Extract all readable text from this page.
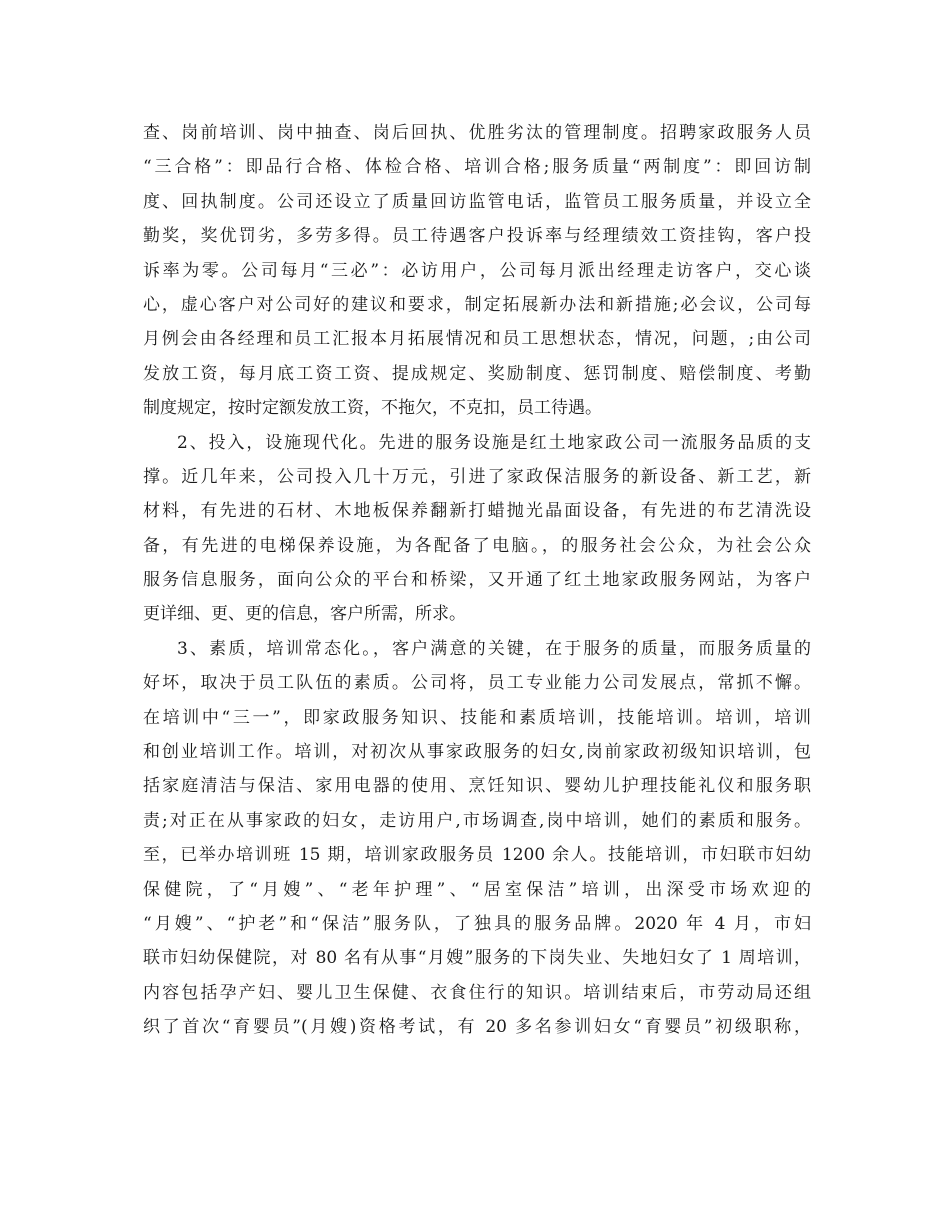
查、岗前培训、岗中抽查、岗后回执、优胜劣汰的管理制度。招聘家政服务人员
“三合格”：即品行合格、体检合格、培训合格;服务质量“两制度”：即回访制
度、回执制度。公司还设立了质量回访监管电话，监管员工服务质量，并设立全
勤奖，奖优罚劣，多劳多得。员工待遇客户投诉率与经理绩效工资挂钩，客户投
诉率为零。公司每月“三必”：必访用户，公司每月派出经理走访客户，交心谈
心，虚心客户对公司好的建议和要求，制定拓展新办法和新措施;必会议，公司每
月例会由各经理和员工汇报本月拓展情况和员工思想状态，情况，问题，;由公司
发放工资，每月底工资工资、提成规定、奖励制度、惩罚制度、赔偿制度、考勤
制度规定，按时定额发放工资，不拖欠，不克扣，员工待遇。
2、投入，设施现代化。先进的服务设施是红土地家政公司一流服务品质的支
撑。近几年来，公司投入几十万元，引进了家政保洁服务的新设备、新工艺，新
材料，有先进的石材、木地板保养翻新打蜡抛光晶面设备，有先进的布艺清洗设
备，有先进的电梯保养设施，为各配备了电脑。，的服务社会公众，为社会公众
服务信息服务，面向公众的平台和桥梁，又开通了红土地家政服务网站，为客户
更详细、更、更的信息，客户所需，所求。
3、素质，培训常态化。，客户满意的关键，在于服务的质量，而服务质量的
好坏，取决于员工队伍的素质。公司将，员工专业能力公司发展点，常抓不懈。
在培训中“三一”，即家政服务知识、技能和素质培训，技能培训。培训，培训
和创业培训工作。培训，对初次从事家政服务的妇女,岗前家政初级知识培训，包
括家庭清洁与保洁、家用电器的使用、烹饪知识、婴幼儿护理技能礼仪和服务职
责;对正在从事家政的妇女，走访用户,市场调查,岗中培训，她们的素质和服务。
至，已举办培训班 15 期，培训家政服务员 1200 余人。技能培训，市妇联市妇幼
保健院，了“月嫂”、“老年护理”、“居室保洁”培训，出深受市场欢迎的
“月嫂”、“护老”和“保洁”服务队，了独具的服务品牌。2020 年 4 月，市妇
联市妇幼保健院，对 80 名有从事“月嫂”服务的下岗失业、失地妇女了 1 周培训，
内容包括孕产妇、婴儿卫生保健、衣食住行的知识。培训结束后，市劳动局还组
织了首次“育婴员”(月嫂)资格考试，有 20 多名参训妇女“育婴员”初级职称，
